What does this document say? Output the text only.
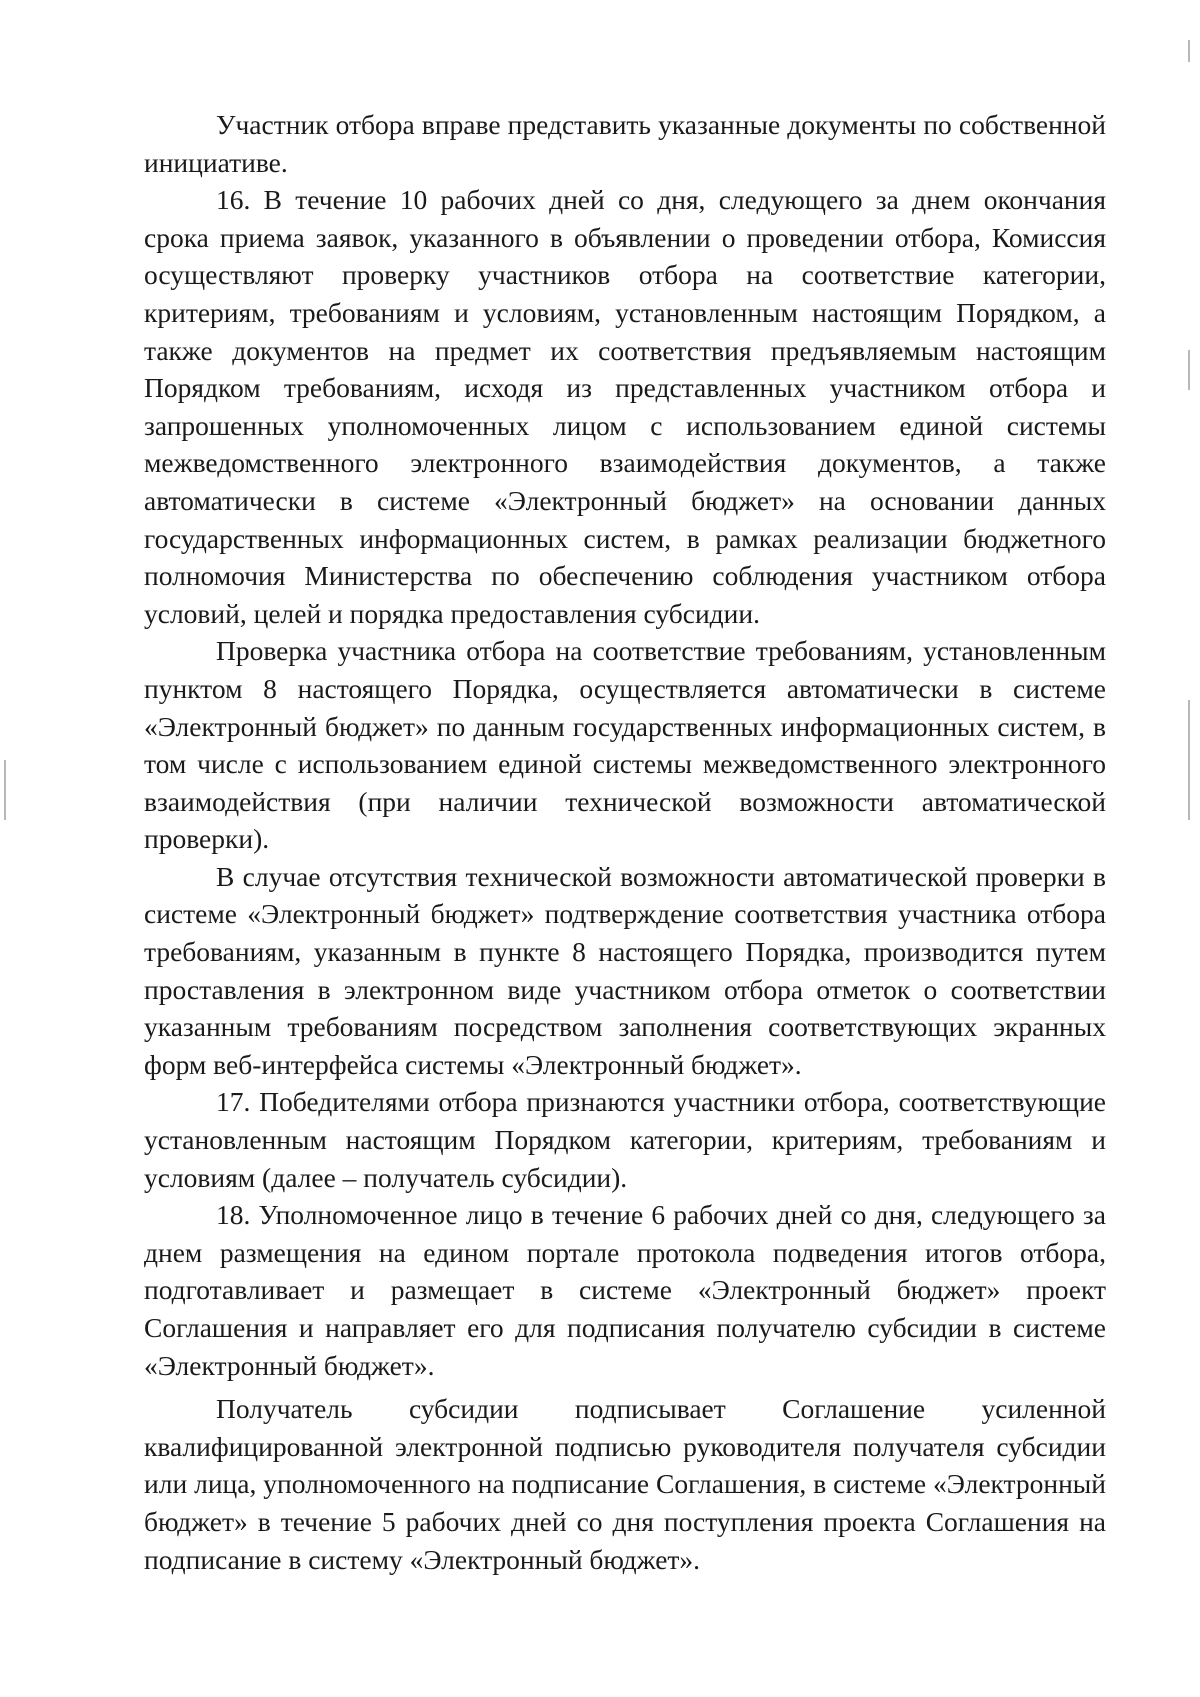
Участник отбора вправе представить указанные документы по собственной инициативе.

16. В течение 10 рабочих дней со дня, следующего за днем окончания срока приема заявок, указанного в объявлении о проведении отбора, Комиссия осуществляют проверку участников отбора на соответствие категории, критериям, требованиям и условиям, установленным настоящим Порядком, а также документов на предмет их соответствия предъявляемым настоящим Порядком требованиям, исходя из представленных участником отбора и запрошенных уполномоченных лицом с использованием единой системы межведомственного электронного взаимодействия документов, а также автоматически в системе «Электронный бюджет» на основании данных государственных информационных систем, в рамках реализации бюджетного полномочия Министерства по обеспечению соблюдения участником отбора условий, целей и порядка предоставления субсидии.

Проверка участника отбора на соответствие требованиям, установленным пунктом 8 настоящего Порядка, осуществляется автоматически в системе «Электронный бюджет» по данным государственных информационных систем, в том числе с использованием единой системы межведомственного электронного взаимодействия (при наличии технической возможности автоматической проверки).

В случае отсутствия технической возможности автоматической проверки в системе «Электронный бюджет» подтверждение соответствия участника отбора требованиям, указанным в пункте 8 настоящего Порядка, производится путем проставления в электронном виде участником отбора отметок о соответствии указанным требованиям посредством заполнения соответствующих экранных форм веб-интерфейса системы «Электронный бюджет».

17. Победителями отбора признаются участники отбора, соответствующие установленным настоящим Порядком категории, критериям, требованиям и условиям (далее – получатель субсидии).

18. Уполномоченное лицо в течение 6 рабочих дней со дня, следующего за днем размещения на едином портале протокола подведения итогов отбора, подготавливает и размещает в системе «Электронный бюджет» проект Соглашения и направляет его для подписания получателю субсидии в системе «Электронный бюджет».

Получатель субсидии подписывает Соглашение усиленной квалифицированной электронной подписью руководителя получателя субсидии или лица, уполномоченного на подписание Соглашения, в системе «Электронный бюджет» в течение 5 рабочих дней со дня поступления проекта Соглашения на подписание в систему «Электронный бюджет».
